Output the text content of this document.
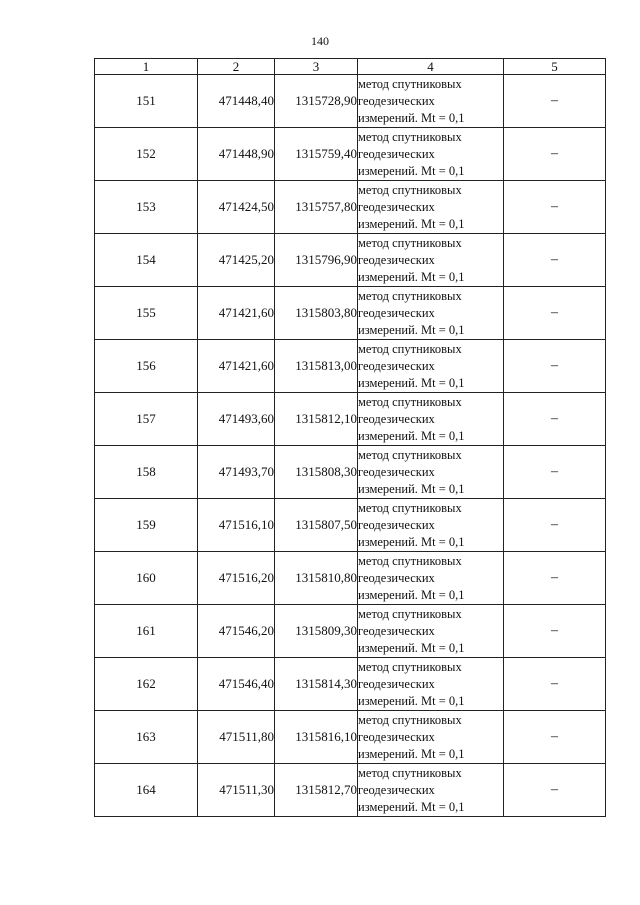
140
1	2	3	4	5
151	471448,40	1315728,90	метод спутниковых
геодезических
измерений. Mt = 0,1	–
152	471448,90	1315759,40	метод спутниковых
геодезических
измерений. Mt = 0,1	–
153	471424,50	1315757,80	метод спутниковых
геодезических
измерений. Mt = 0,1	–
154	471425,20	1315796,90	метод спутниковых
геодезических
измерений. Mt = 0,1	–
155	471421,60	1315803,80	метод спутниковых
геодезических
измерений. Mt = 0,1	–
156	471421,60	1315813,00	метод спутниковых
геодезических
измерений. Mt = 0,1	–
157	471493,60	1315812,10	метод спутниковых
геодезических
измерений. Mt = 0,1	–
158	471493,70	1315808,30	метод спутниковых
геодезических
измерений. Mt = 0,1	–
159	471516,10	1315807,50	метод спутниковых
геодезических
измерений. Mt = 0,1	–
160	471516,20	1315810,80	метод спутниковых
геодезических
измерений. Mt = 0,1	–
161	471546,20	1315809,30	метод спутниковых
геодезических
измерений. Mt = 0,1	–
162	471546,40	1315814,30	метод спутниковых
геодезических
измерений. Mt = 0,1	–
163	471511,80	1315816,10	метод спутниковых
геодезических
измерений. Mt = 0,1	–
164	471511,30	1315812,70	метод спутниковых
геодезических
измерений. Mt = 0,1	–
